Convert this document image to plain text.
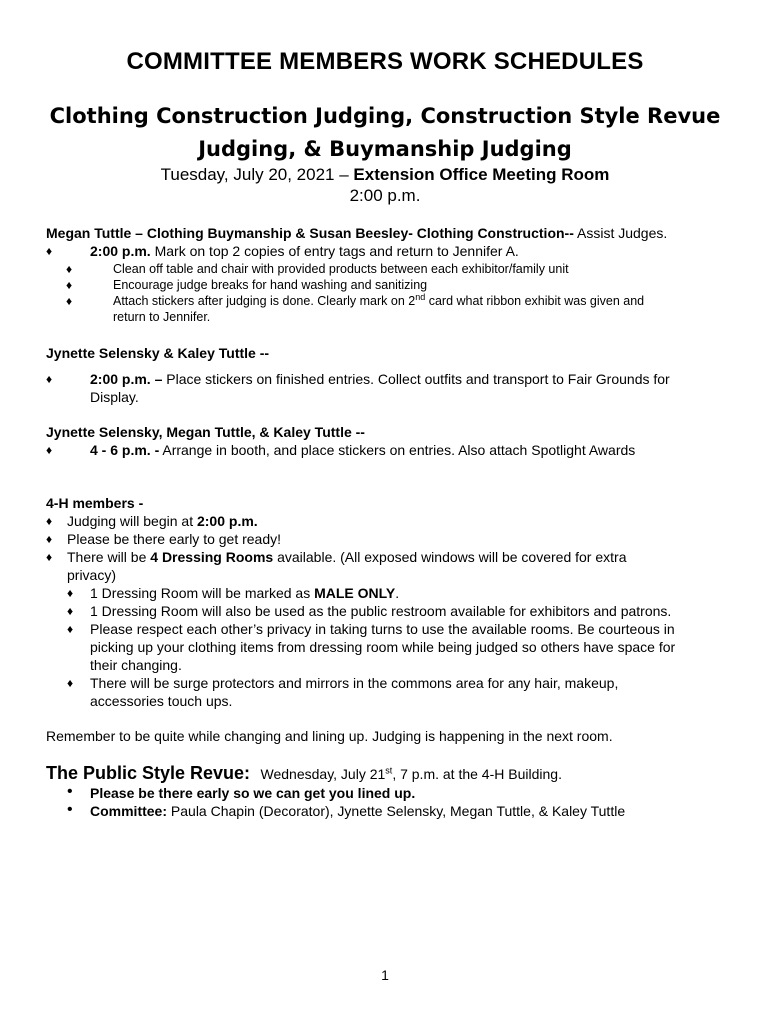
COMMITTEE MEMBERS WORK SCHEDULES
Clothing Construction Judging, Construction Style Revue
Judging, & Buymanship Judging
Tuesday, July 20, 2021 – Extension Office Meeting Room
2:00 p.m.
Megan Tuttle – Clothing Buymanship & Susan Beesley- Clothing Construction-- Assist Judges.
♦	2:00 p.m. Mark on top 2 copies of entry tags and return to Jennifer A.
♦	Clean off table and chair with provided products between each exhibitor/family unit
♦	Encourage judge breaks for hand washing and sanitizing
♦	Attach stickers after judging is done. Clearly mark on 2nd card what ribbon exhibit was given and
return to Jennifer.
Jynette Selensky & Kaley Tuttle --
♦	2:00 p.m. – Place stickers on finished entries. Collect outfits and transport to Fair Grounds for
Display.
Jynette Selensky, Megan Tuttle, & Kaley Tuttle --
♦	4 - 6 p.m. - Arrange in booth, and place stickers on entries. Also attach Spotlight Awards
4-H members -
♦ Judging will begin at 2:00 p.m.
♦ Please be there early to get ready!
♦ There will be 4 Dressing Rooms available. (All exposed windows will be covered for extra
privacy)
♦ 1 Dressing Room will be marked as MALE ONLY.
♦ 1 Dressing Room will also be used as the public restroom available for exhibitors and patrons.
♦ Please respect each other’s privacy in taking turns to use the available rooms. Be courteous in
picking up your clothing items from dressing room while being judged so others have space for
their changing.
♦ There will be surge protectors and mirrors in the commons area for any hair, makeup,
accessories touch ups.
Remember to be quite while changing and lining up. Judging is happening in the next room.
The Public Style Revue: Wednesday, July 21st, 7 p.m. at the 4-H Building.
• Please be there early so we can get you lined up.
• Committee: Paula Chapin (Decorator), Jynette Selensky, Megan Tuttle, & Kaley Tuttle
1
